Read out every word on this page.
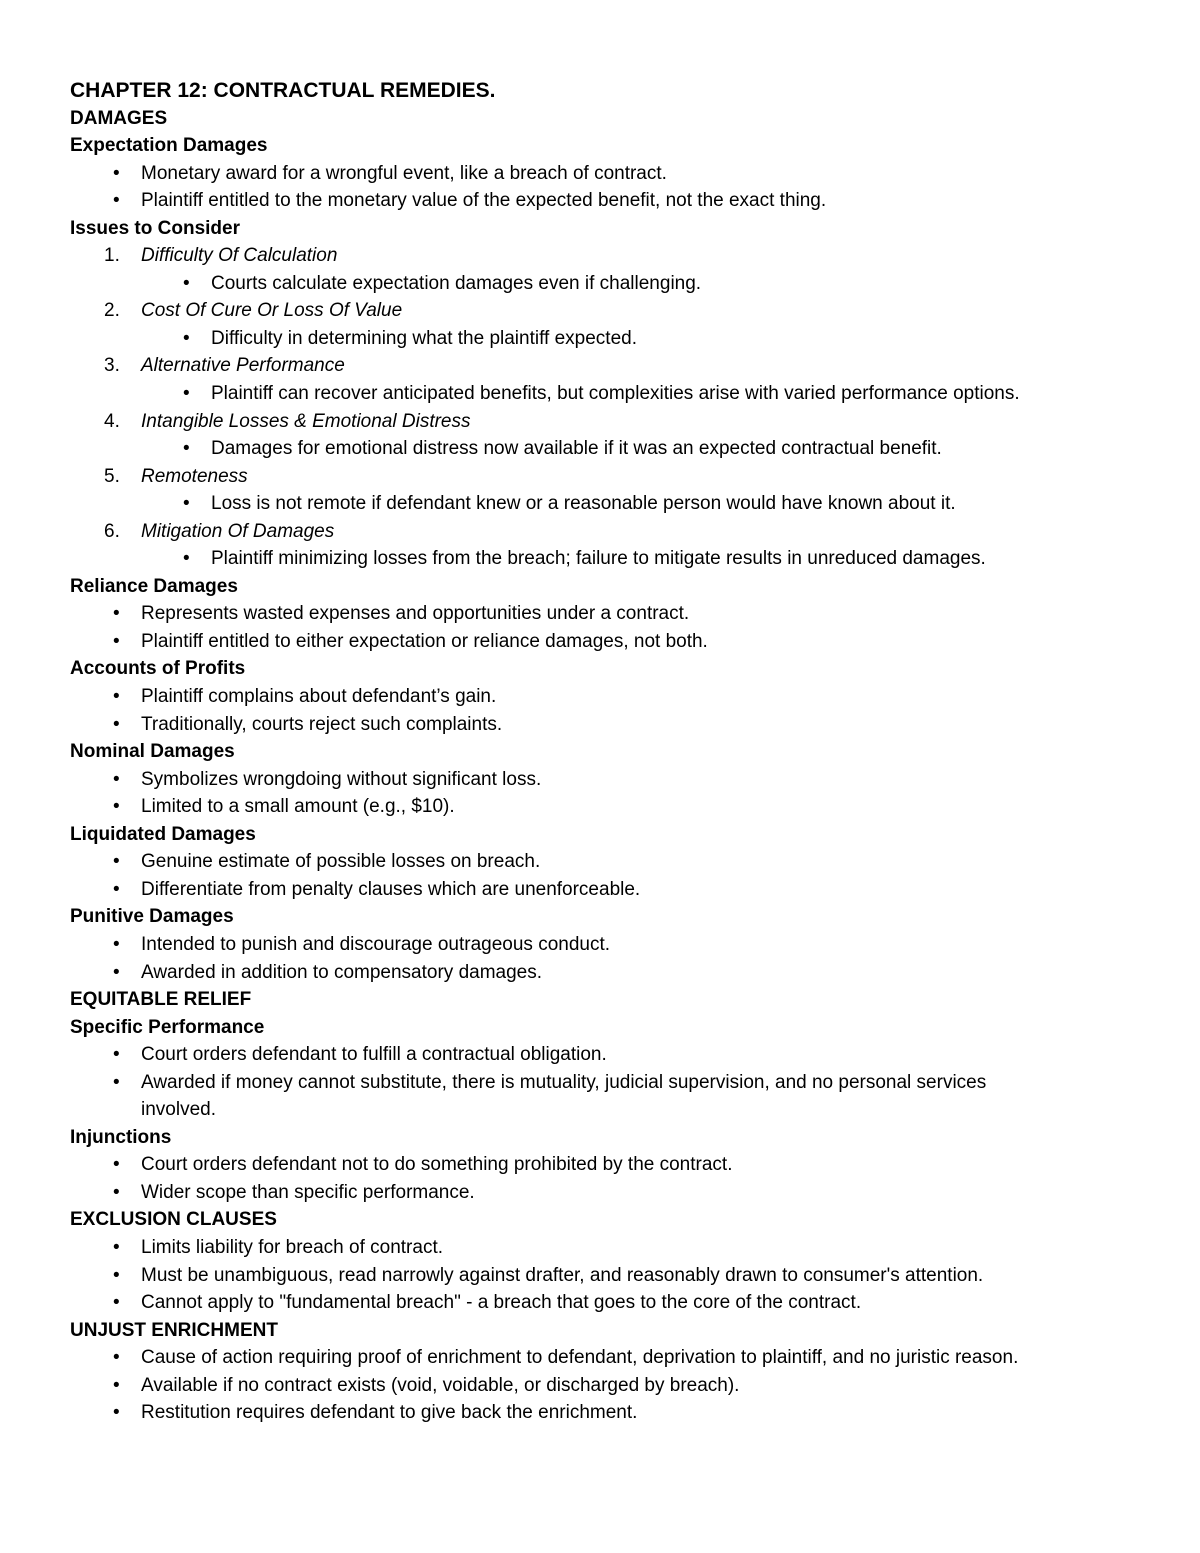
CHAPTER 12: CONTRACTUAL REMEDIES.
DAMAGES
Expectation Damages
• Monetary award for a wrongful event, like a breach of contract.
• Plaintiff entitled to the monetary value of the expected benefit, not the exact thing.
Issues to Consider
1. Difficulty Of Calculation
• Courts calculate expectation damages even if challenging.
2. Cost Of Cure Or Loss Of Value
• Difficulty in determining what the plaintiff expected.
3. Alternative Performance
• Plaintiff can recover anticipated benefits, but complexities arise with varied performance options.
4. Intangible Losses & Emotional Distress
• Damages for emotional distress now available if it was an expected contractual benefit.
5. Remoteness
• Loss is not remote if defendant knew or a reasonable person would have known about it.
6. Mitigation Of Damages
• Plaintiff minimizing losses from the breach; failure to mitigate results in unreduced damages.
Reliance Damages
• Represents wasted expenses and opportunities under a contract.
• Plaintiff entitled to either expectation or reliance damages, not both.
Accounts of Profits
• Plaintiff complains about defendant’s gain.
• Traditionally, courts reject such complaints.
Nominal Damages
• Symbolizes wrongdoing without significant loss.
• Limited to a small amount (e.g., $10).
Liquidated Damages
• Genuine estimate of possible losses on breach.
• Differentiate from penalty clauses which are unenforceable.
Punitive Damages
• Intended to punish and discourage outrageous conduct.
• Awarded in addition to compensatory damages.
EQUITABLE RELIEF
Specific Performance
• Court orders defendant to fulfill a contractual obligation.
• Awarded if money cannot substitute, there is mutuality, judicial supervision, and no personal services
involved.
Injunctions
• Court orders defendant not to do something prohibited by the contract.
• Wider scope than specific performance.
EXCLUSION CLAUSES
• Limits liability for breach of contract.
• Must be unambiguous, read narrowly against drafter, and reasonably drawn to consumer's attention.
• Cannot apply to "fundamental breach" - a breach that goes to the core of the contract.
UNJUST ENRICHMENT
• Cause of action requiring proof of enrichment to defendant, deprivation to plaintiff, and no juristic reason.
• Available if no contract exists (void, voidable, or discharged by breach).
• Restitution requires defendant to give back the enrichment.
